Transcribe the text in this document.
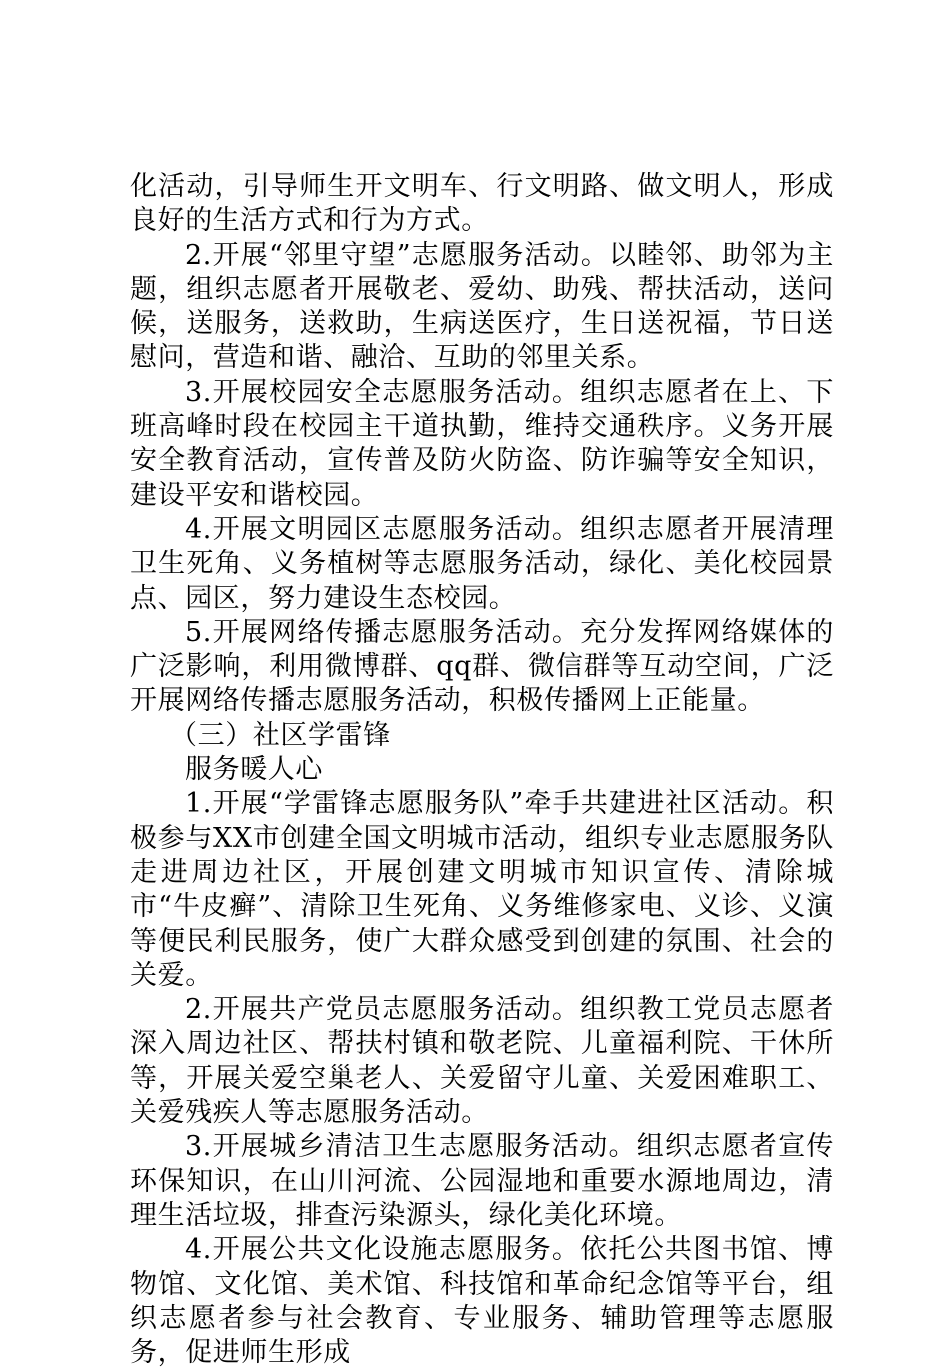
化活动，引导师生开文明车、行文明路、做文明人，形成良好的生活方式和行为方式。

2.开展“邻里守望”志愿服务活动。以睦邻、助邻为主题，组织志愿者开展敬老、爱幼、助残、帮扶活动，送问候，送服务，送救助，生病送医疗，生日送祝福，节日送慰问，营造和谐、融洽、互助的邻里关系。

3.开展校园安全志愿服务活动。组织志愿者在上、下班高峰时段在校园主干道执勤，维持交通秩序。义务开展安全教育活动，宣传普及防火防盗、防诈骗等安全知识，建设平安和谐校园。

4.开展文明园区志愿服务活动。组织志愿者开展清理卫生死角、义务植树等志愿服务活动，绿化、美化校园景点、园区，努力建设生态校园。

5.开展网络传播志愿服务活动。充分发挥网络媒体的广泛影响，利用微博群、qq群、微信群等互动空间，广泛开展网络传播志愿服务活动，积极传播网上正能量。

（三）社区学雷锋

服务暖人心

1.开展“学雷锋志愿服务队”牵手共建进社区活动。积极参与XX市创建全国文明城市活动，组织专业志愿服务队走进周边社区，开展创建文明城市知识宣传、清除城市“牛皮癣”、清除卫生死角、义务维修家电、义诊、义演等便民利民服务，使广大群众感受到创建的氛围、社会的关爱。

2.开展共产党员志愿服务活动。组织教工党员志愿者深入周边社区、帮扶村镇和敬老院、儿童福利院、干休所等，开展关爱空巢老人、关爱留守儿童、关爱困难职工、关爱残疾人等志愿服务活动。

3.开展城乡清洁卫生志愿服务活动。组织志愿者宣传环保知识，在山川河流、公园湿地和重要水源地周边，清理生活垃圾，排查污染源头，绿化美化环境。

4.开展公共文化设施志愿服务。依托公共图书馆、博物馆、文化馆、美术馆、科技馆和革命纪念馆等平台，组织志愿者参与社会教育、专业服务、辅助管理等志愿服务，促进师生形成
